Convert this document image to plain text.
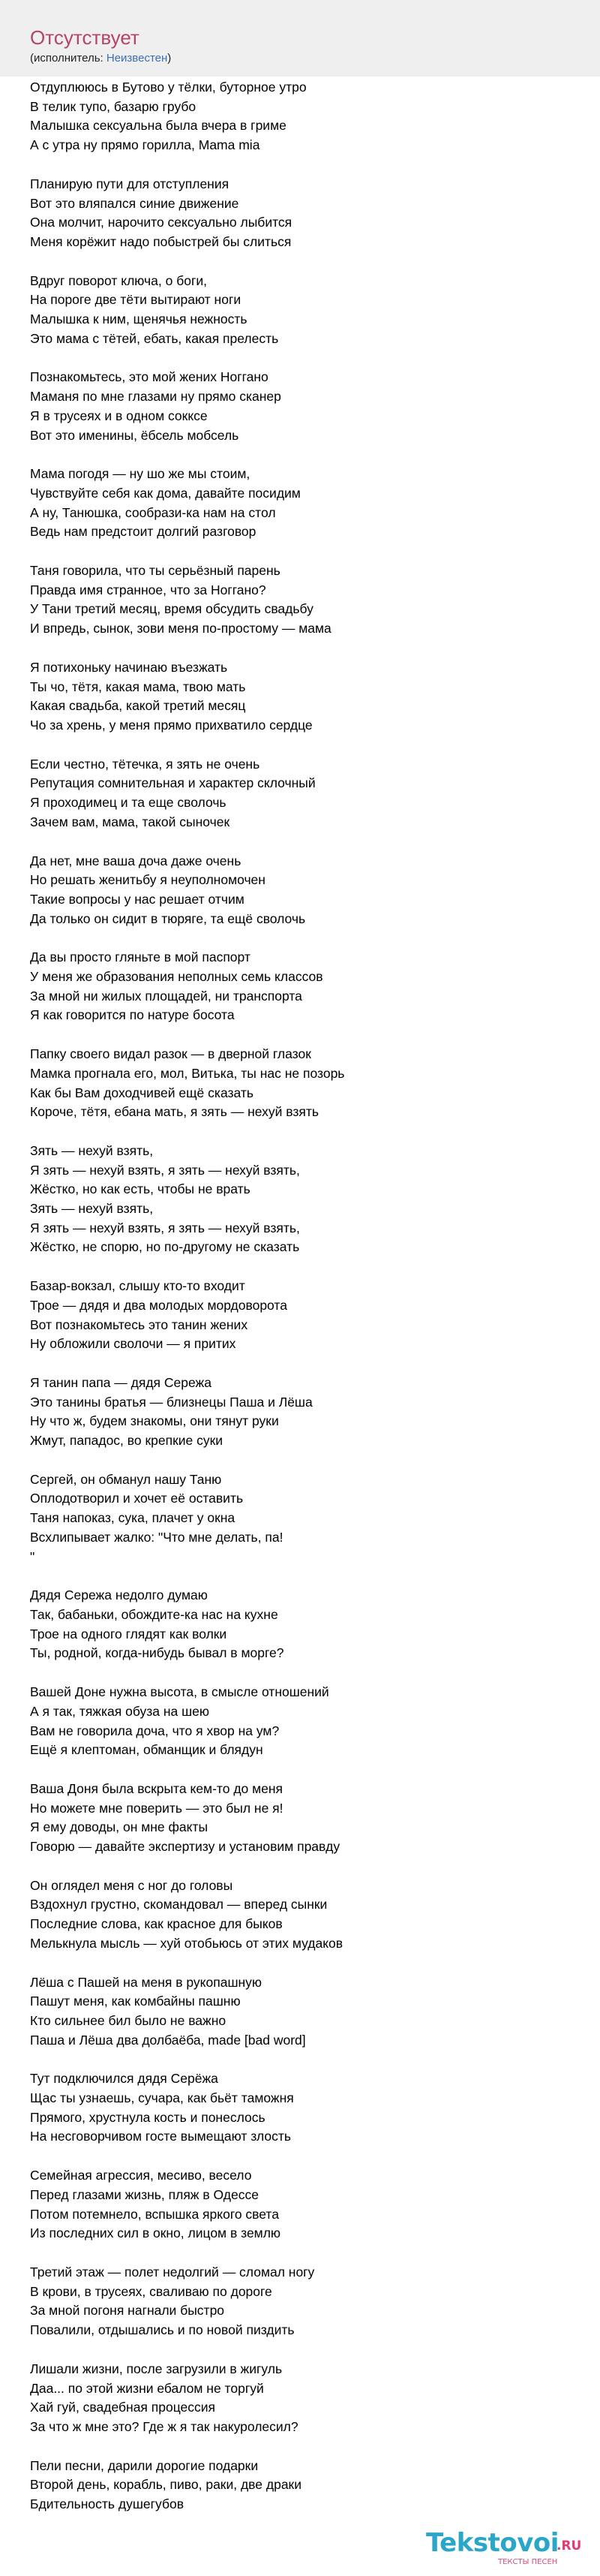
Отсутствует
(исполнитель: Неизвестен)
Отдуплююсь в Бутово у тёлки, буторное утро
В телик тупо, базарю грубо
Малышка сексуальна была вчера в гриме
А с утра ну прямо горилла, Mama mia
Планирую пути для отступления
Вот это вляпался синие движение
Она молчит, нарочито сексуально лыбится
Меня корёжит надо побыстрей бы слиться
Вдруг поворот ключа, о боги,
На пороге две тёти вытирают ноги
Малышка к ним, щенячья нежность
Это мама с тётей, ебать, какая прелесть
Познакомьтесь, это мой жених Ноггано
Маманя по мне глазами ну прямо сканер
Я в трусеях и в одном сокксе
Вот это именины, ёбсель мобсель
Мама погодя — ну шо же мы стоим,
Чувствуйте себя как дома, давайте посидим
А ну, Танюшка, сообрази-ка нам на стол
Ведь нам предстоит долгий разговор
Таня говорила, что ты серьёзный парень
Правда имя странное, что за Ноггано?
У Тани третий месяц, время обсудить свадьбу
И впредь, сынок, зови меня по-простому — мама
Я потихоньку начинаю въезжать
Ты чо, тётя, какая мама, твою мать
Какая свадьба, какой третий месяц
Чо за хрень, у меня прямо прихватило сердце
Если честно, тётечка, я зять не очень
Репутация сомнительная и характер склочный
Я проходимец и та еще сволочь
Зачем вам, мама, такой сыночек
Да нет, мне ваша доча даже очень
Но решать женитьбу я неуполномочен
Такие вопросы у нас решает отчим
Да только он сидит в тюряге, та ещё сволочь
Да вы просто гляньте в мой паспорт
У меня же образования неполных семь классов
За мной ни жилых площадей, ни транспорта
Я как говорится по натуре босота
Папку своего видал разок — в дверной глазок
Мамка прогнала его, мол, Витька, ты нас не позорь
Как бы Вам доходчивей ещё сказать
Короче, тётя, ебана мать, я зять — нехуй взять
Зять — нехуй взять,
Я зять — нехуй взять, я зять — нехуй взять,
Жёстко, но как есть, чтобы не врать
Зять — нехуй взять,
Я зять — нехуй взять, я зять — нехуй взять,
Жёстко, не спорю, но по-другому не сказать
Базар-вокзал, слышу кто-то входит
Трое — дядя и два молодых мордоворота
Вот познакомьтесь это танин жених
Ну обложили сволочи — я притих
Я танин папа — дядя Сережа
Это танины братья — близнецы Паша и Лёша
Ну что ж, будем знакомы, они тянут руки
Жмут, пападос, во крепкие суки
Сергей, он обманул нашу Таню
Оплодотворил и хочет её оставить
Таня напоказ, сука, плачет у окна
Всхлипывает жалко: "Что мне делать, па!
"
Дядя Сережа недолго думаю
Так, бабаньки, обождите-ка нас на кухне
Трое на одного глядят как волки
Ты, родной, когда-нибудь бывал в морге?
Вашей Доне нужна высота, в смысле отношений
А я так, тяжкая обуза на шею
Вам не говорила доча, что я хвор на ум?
Ещё я клептоман, обманщик и блядун
Ваша Доня была вскрыта кем-то до меня
Но можете мне поверить — это был не я!
Я ему доводы, он мне факты
Говорю — давайте экспертизу и установим правду
Он оглядел меня с ног до головы
Вздохнул грустно, скомандовал — вперед сынки
Последние слова, как красное для быков
Мелькнула мысль — хуй отобьюсь от этих мудаков
Лёша с Пашей на меня в рукопашную
Пашут меня, как комбайны пашню
Кто сильнее бил было не важно
Паша и Лёша два долбаёба, made [bad word]
Тут подключился дядя Серёжа
Щас ты узнаешь, сучара, как бьёт таможня
Прямого, хрустнула кость и понеслось
На несговорчивом госте вымещают злость
Семейная агрессия, месиво, весело
Перед глазами жизнь, пляж в Одессе
Потом потемнело, вспышка яркого света
Из последних сил в окно, лицом в землю
Третий этаж — полет недолгий — сломал ногу
В крови, в трусеях, сваливаю по дороге
За мной погоня нагнали быстро
Повалили, отдышались и по новой пиздить
Лишали жизни, после загрузили в жигуль
Даа... по этой жизни ебалом не торгуй
Хай гуй, свадебная процессия
За что ж мне это? Где ж я так накуролесил?
Пели песни, дарили дорогие подарки
Второй день, корабль, пиво, раки, две драки
Бдительность душегубов
Tekstovoi
.RU
ТЕКСТЫ ПЕСЕН
